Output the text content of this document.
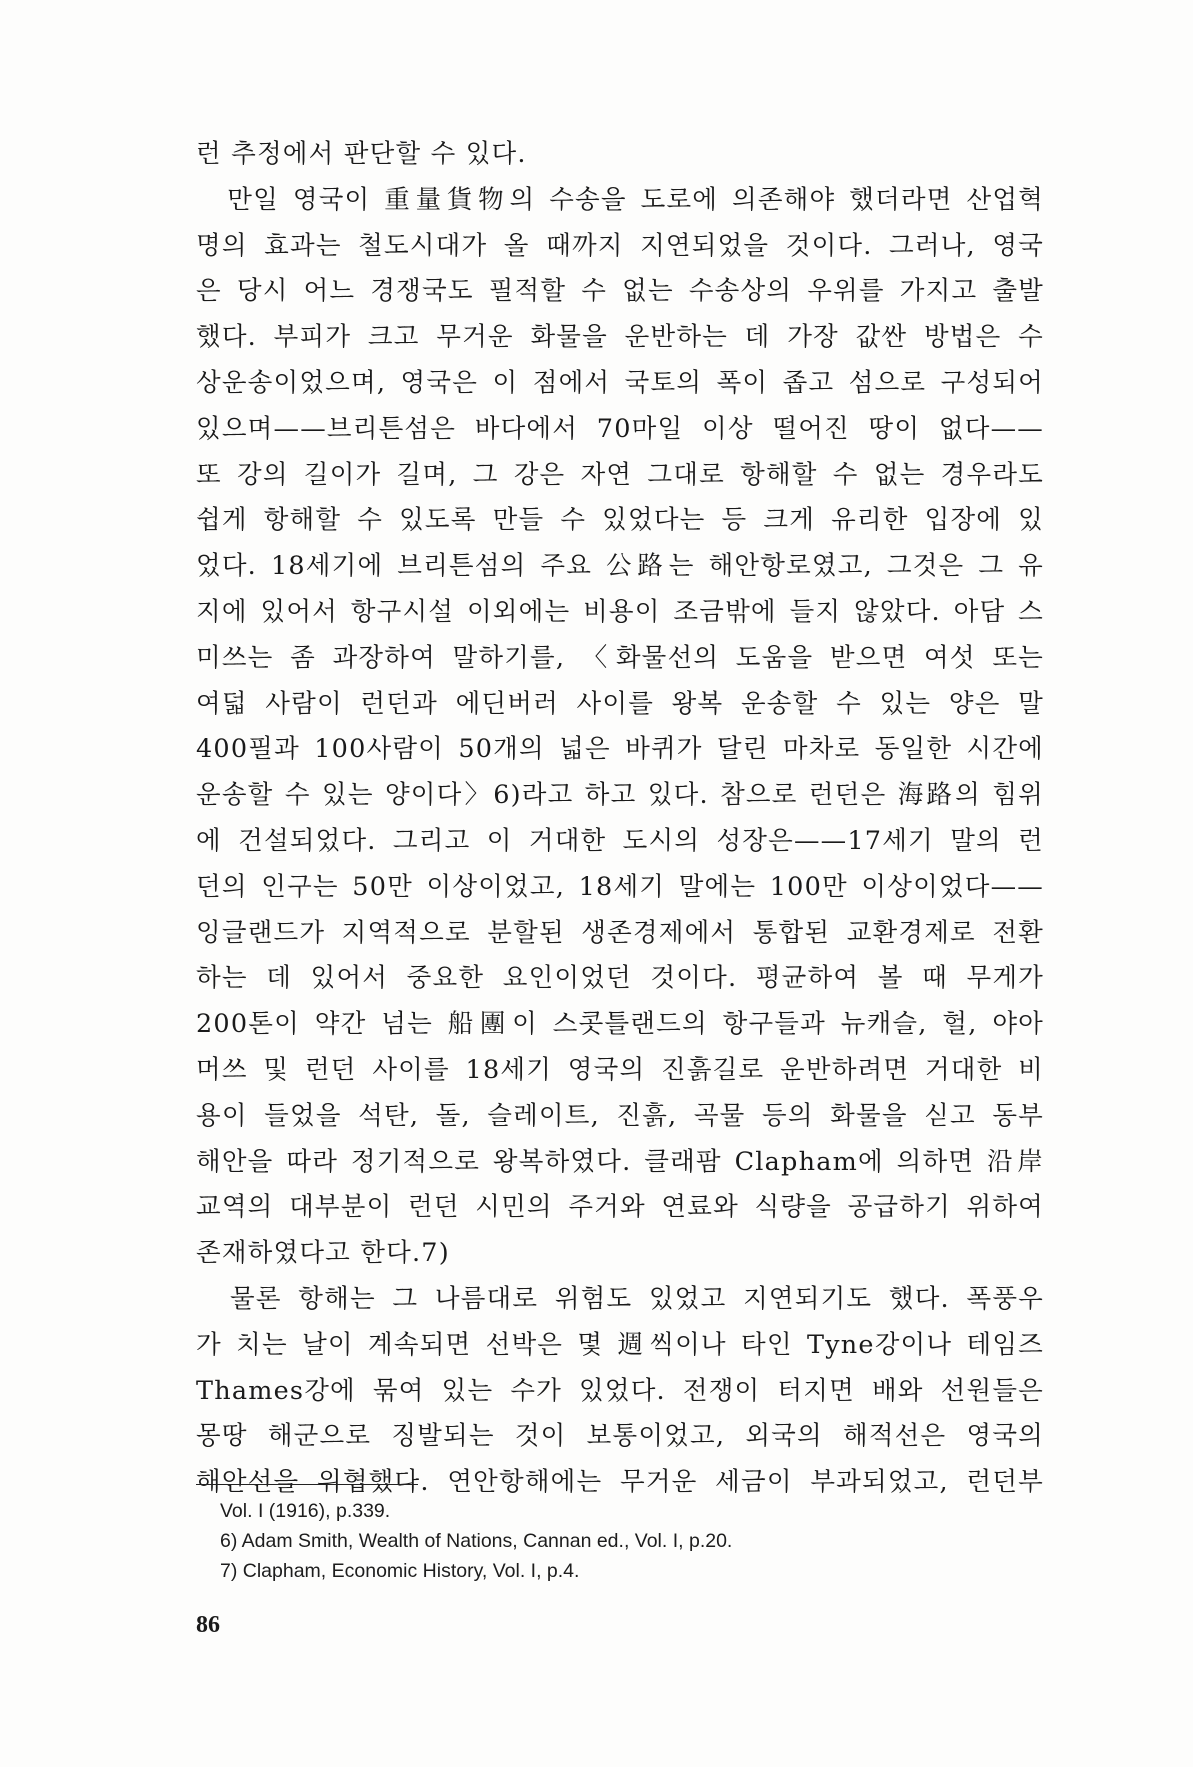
런 추정에서 판단할 수 있다.
　만일 영국이 重量貨物의 수송을 도로에 의존해야 했더라면 산업혁
명의 효과는 철도시대가 올 때까지 지연되었을 것이다. 그러나, 영국
은 당시 어느 경쟁국도 필적할 수 없는 수송상의 우위를 가지고 출발
했다. 부피가 크고 무거운 화물을 운반하는 데 가장 값싼 방법은 수
상운송이었으며, 영국은 이 점에서 국토의 폭이 좁고 섬으로 구성되어
있으며——브리튼섬은 바다에서 70마일 이상 떨어진 땅이 없다——
또 강의 길이가 길며, 그 강은 자연 그대로 항해할 수 없는 경우라도
쉽게 항해할 수 있도록 만들 수 있었다는 등 크게 유리한 입장에 있
었다. 18세기에 브리튼섬의 주요 公路는 해안항로였고, 그것은 그 유
지에 있어서 항구시설 이외에는 비용이 조금밖에 들지 않았다. 아담 스
미쓰는 좀 과장하여 말하기를, 〈화물선의 도움을 받으면 여섯 또는
여덟 사람이 런던과 에딘버러 사이를 왕복 운송할 수 있는 양은 말
400필과 100사람이 50개의 넓은 바퀴가 달린 마차로 동일한 시간에
운송할 수 있는 양이다〉6)라고 하고 있다. 참으로 런던은 海路의 힘위
에 건설되었다. 그리고 이 거대한 도시의 성장은——17세기 말의 런
던의 인구는 50만 이상이었고, 18세기 말에는 100만 이상이었다——
잉글랜드가 지역적으로 분할된 생존경제에서 통합된 교환경제로 전환
하는 데 있어서 중요한 요인이었던 것이다. 평균하여 볼 때 무게가
200톤이 약간 넘는 船團이 스콧틀랜드의 항구들과 뉴캐슬, 헐, 야아
머쓰 및 런던 사이를 18세기 영국의 진흙길로 운반하려면 거대한 비
용이 들었을 석탄, 돌, 슬레이트, 진흙, 곡물 등의 화물을 싣고 동부
해안을 따라 정기적으로 왕복하였다. 클래팜 Clapham에 의하면 沿岸
교역의 대부분이 런던 시민의 주거와 연료와 식량을 공급하기 위하여
존재하였다고 한다.7)
　물론 항해는 그 나름대로 위험도 있었고 지연되기도 했다. 폭풍우
가 치는 날이 계속되면 선박은 몇 週씩이나 타인 Tyne강이나 테임즈
Thames강에 묶여 있는 수가 있었다. 전쟁이 터지면 배와 선원들은
몽땅 해군으로 징발되는 것이 보통이었고, 외국의 해적선은 영국의
해안선을 위협했다. 연안항해에는 무거운 세금이 부과되었고, 런던부
Vol. I (1916), p.339.
6) Adam Smith, Wealth of Nations, Cannan ed., Vol. I, p.20.
7) Clapham, Economic History, Vol. I, p.4.
86
